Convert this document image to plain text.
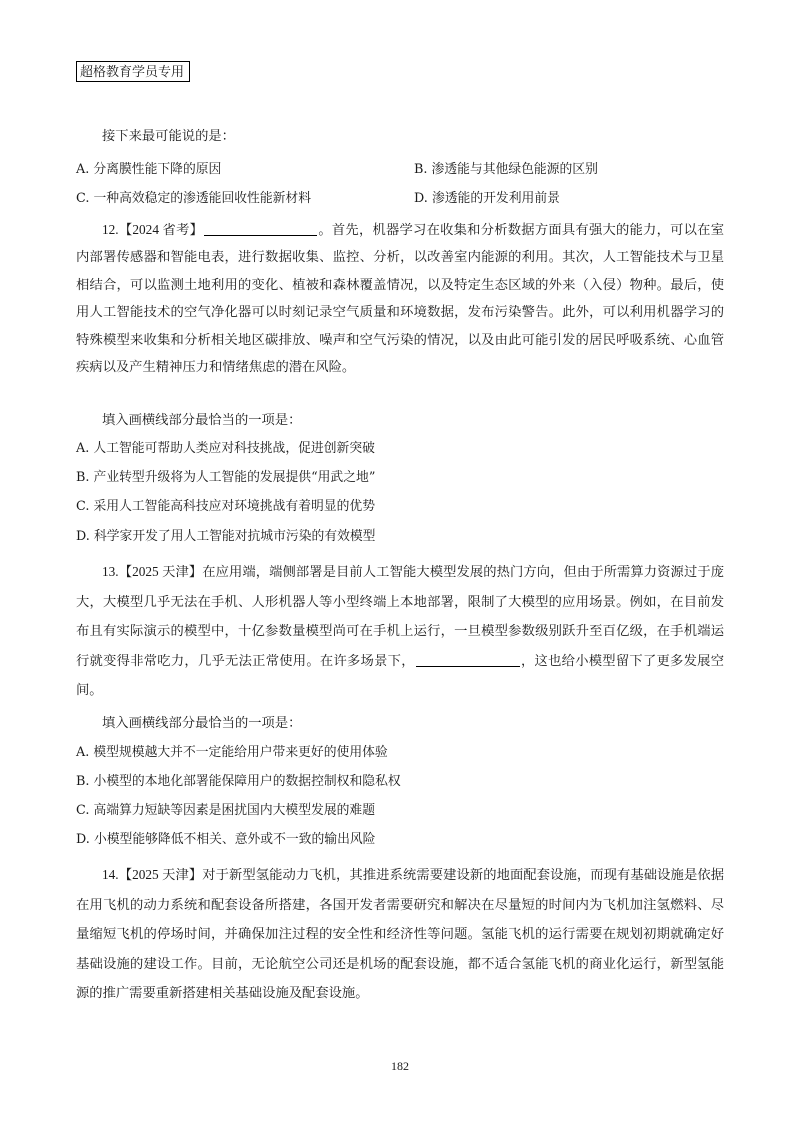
超格教育学员专用
接下来最可能说的是：
A. 分离膜性能下降的原因	B. 渗透能与其他绿色能源的区别
C. 一种高效稳定的渗透能回收性能新材料	D. 渗透能的开发利用前景
12.【2024 省考】	。首先，机器学习在收集和分析数据方面具有强大的能力，可以在室内部署传感器和智能电表，进行数据收集、监控、分析，以改善室内能源的利用。其次，人工智能技术与卫星相结合，可以监测土地利用的变化、植被和森林覆盖情况，以及特定生态区域的外来（入侵）物种。最后，使用人工智能技术的空气净化器可以时刻记录空气质量和环境数据，发布污染警告。此外，可以利用机器学习的特殊模型来收集和分析相关地区碳排放、噪声和空气污染的情况，以及由此可能引发的居民呼吸系统、心血管疾病以及产生精神压力和情绪焦虑的潜在风险。
填入画横线部分最恰当的一项是：
A. 人工智能可帮助人类应对科技挑战，促进创新突破
B. 产业转型升级将为人工智能的发展提供“用武之地”
C. 采用人工智能高科技应对环境挑战有着明显的优势
D. 科学家开发了用人工智能对抗城市污染的有效模型
13.【2025 天津】在应用端，端侧部署是目前人工智能大模型发展的热门方向，但由于所需算力资源过于庞大，大模型几乎无法在手机、人形机器人等小型终端上本地部署，限制了大模型的应用场景。例如，在目前发布且有实际演示的模型中，十亿参数量模型尚可在手机上运行，一旦模型参数级别跃升至百亿级，在手机端运行就变得非常吃力，几乎无法正常使用。在许多场景下，	，这也给小模型留下了更多发展空间。
填入画横线部分最恰当的一项是：
A. 模型规模越大并不一定能给用户带来更好的使用体验
B. 小模型的本地化部署能保障用户的数据控制权和隐私权
C. 高端算力短缺等因素是困扰国内大模型发展的难题
D. 小模型能够降低不相关、意外或不一致的输出风险
14.【2025 天津】对于新型氢能动力飞机，其推进系统需要建设新的地面配套设施，而现有基础设施是依据在用飞机的动力系统和配套设备所搭建，各国开发者需要研究和解决在尽量短的时间内为飞机加注氢燃料、尽量缩短飞机的停场时间，并确保加注过程的安全性和经济性等问题。氢能飞机的运行需要在规划初期就确定好基础设施的建设工作。目前，无论航空公司还是机场的配套设施，都不适合氢能飞机的商业化运行，新型氢能源的推广需要重新搭建相关基础设施及配套设施。
182
